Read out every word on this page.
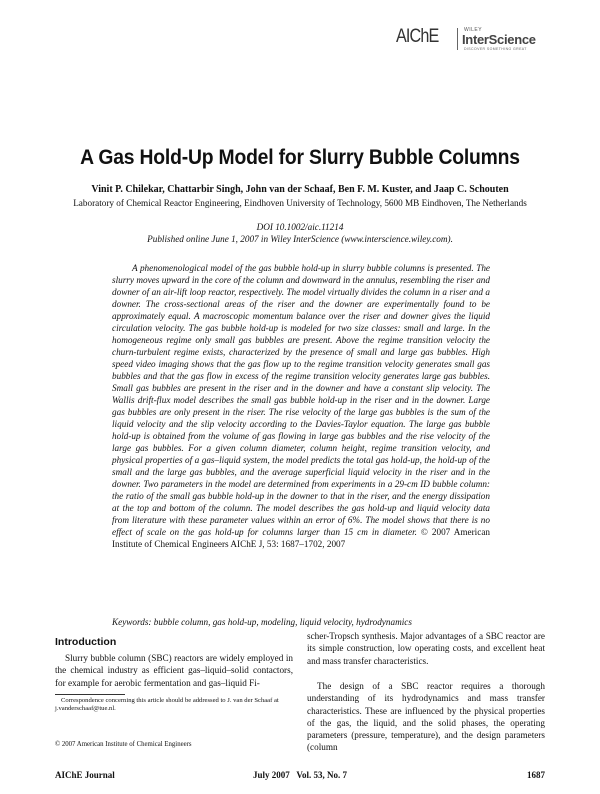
AIChE	WILEY
InterScience
DISCOVER SOMETHING GREAT
A Gas Hold-Up Model for Slurry Bubble Columns
Vinit P. Chilekar, Chattarbir Singh, John van der Schaaf, Ben F. M. Kuster, and Jaap C. Schouten
Laboratory of Chemical Reactor Engineering, Eindhoven University of Technology, 5600 MB Eindhoven, The Netherlands
DOI 10.1002/aic.11214
Published online June 1, 2007 in Wiley InterScience (www.interscience.wiley.com).
A phenomenological model of the gas bubble hold-up in slurry bubble columns is presented. The slurry moves upward in the core of the column and downward in the annulus, resembling the riser and downer of an air-lift loop reactor, respectively. The model virtually divides the column in a riser and a downer. The cross-sectional areas of the riser and the downer are experimentally found to be approximately equal. A macroscopic momentum balance over the riser and downer gives the liquid circulation velocity. The gas bubble hold-up is modeled for two size classes: small and large. In the homogeneous regime only small gas bubbles are present. Above the regime transition velocity the churn-turbulent regime exists, characterized by the presence of small and large gas bubbles. High speed video imaging shows that the gas flow up to the regime transition velocity generates small gas bubbles and that the gas flow in excess of the regime transition velocity generates large gas bubbles. Small gas bubbles are present in the riser and in the downer and have a constant slip velocity. The Wallis drift-flux model describes the small gas bubble hold-up in the riser and in the downer. Large gas bubbles are only present in the riser. The rise velocity of the large gas bubbles is the sum of the liquid velocity and the slip velocity according to the Davies-Taylor equation. The large gas bubble hold-up is obtained from the volume of gas flowing in large gas bubbles and the rise velocity of the large gas bubbles. For a given column diameter, column height, regime transition velocity, and physical properties of a gas–liquid system, the model predicts the total gas hold-up, the hold-up of the small and the large gas bubbles, and the average superficial liquid velocity in the riser and in the downer. Two parameters in the model are determined from experiments in a 29-cm ID bubble column: the ratio of the small gas bubble hold-up in the downer to that in the riser, and the energy dissipation at the top and bottom of the column. The model describes the gas hold-up and liquid velocity data from literature with these parameter values within an error of 6%. The model shows that there is no effect of scale on the gas hold-up for columns larger than 15 cm in diameter. © 2007 American Institute of Chemical Engineers AIChE J, 53: 1687–1702, 2007
Keywords: bubble column, gas hold-up, modeling, liquid velocity, hydrodynamics
Introduction
Slurry bubble column (SBC) reactors are widely employed in the chemical industry as efficient gas–liquid–solid contactors, for example for aerobic fermentation and gas–liquid Fi-
Correspondence concerning this article should be addressed to J. van der Schaaf at j.vanderschaaf@tue.nl.
© 2007 American Institute of Chemical Engineers
scher-Tropsch synthesis. Major advantages of a SBC reactor are its simple construction, low operating costs, and excellent heat and mass transfer characteristics.
The design of a SBC reactor requires a thorough understanding of its hydrodynamics and mass transfer characteristics. These are influenced by the physical properties of the gas, the liquid, and the solid phases, the operating parameters (pressure, temperature), and the design parameters (column
AIChE Journal	July 2007   Vol. 53, No. 7	1687
